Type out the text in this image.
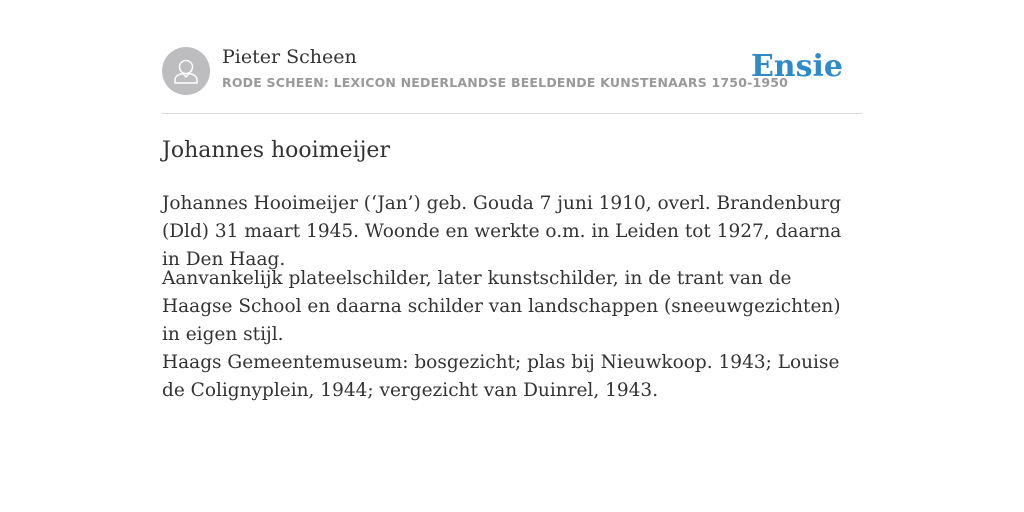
Pieter Scheen
RODE SCHEEN: LEXICON NEDERLANDSE BEELDENDE KUNSTENAARS 1750-1950
Ensie
Johannes hooimeijer

Johannes Hooimeijer (‘Jan’) geb. Gouda 7 juni 1910, overl. Brandenburg (Dld) 31 maart 1945. Woonde en werkte o.m. in Leiden tot 1927, daarna in Den Haag.

Aanvankelijk plateelschilder, later kunstschilder, in de trant van de Haagse School en daarna schilder van landschappen (sneeuwgezichten) in eigen stijl.

Haags Gemeentemuseum: bosgezicht; plas bij Nieuwkoop. 1943; Louise de Colignyplein, 1944; vergezicht van Duinrel, 1943.
